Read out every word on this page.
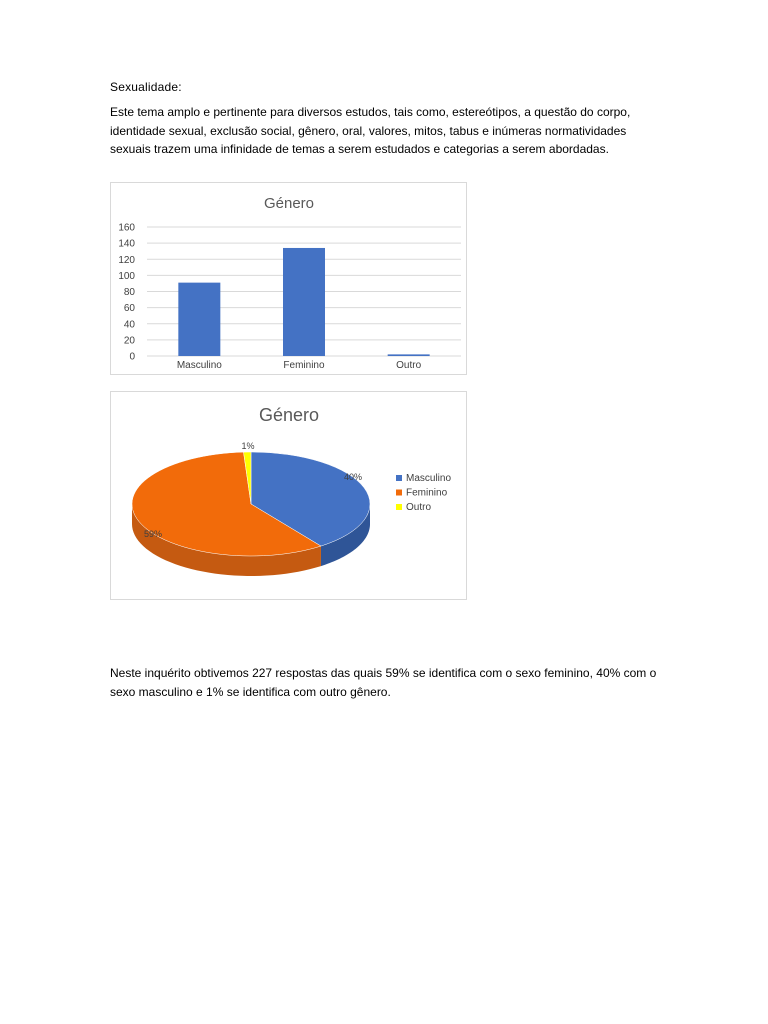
Sexualidade:

Este tema amplo e pertinente para diversos estudos, tais como, estereótipos, a questão do corpo, identidade sexual, exclusão social, gênero, oral, valores, mitos, tabus e inúmeras normatividades sexuais trazem uma infinidade de temas a serem estudados e categorias a serem abordadas.

Género
0
20
40
60
80
100
120
140
160
Masculino	Feminino	Outro
Género
40%
59%
1%
Masculino
Feminino
Outro

Neste inquérito obtivemos 227 respostas das quais 59% se identifica com o sexo feminino, 40% com o sexo masculino e 1% se identifica com outro gênero.
